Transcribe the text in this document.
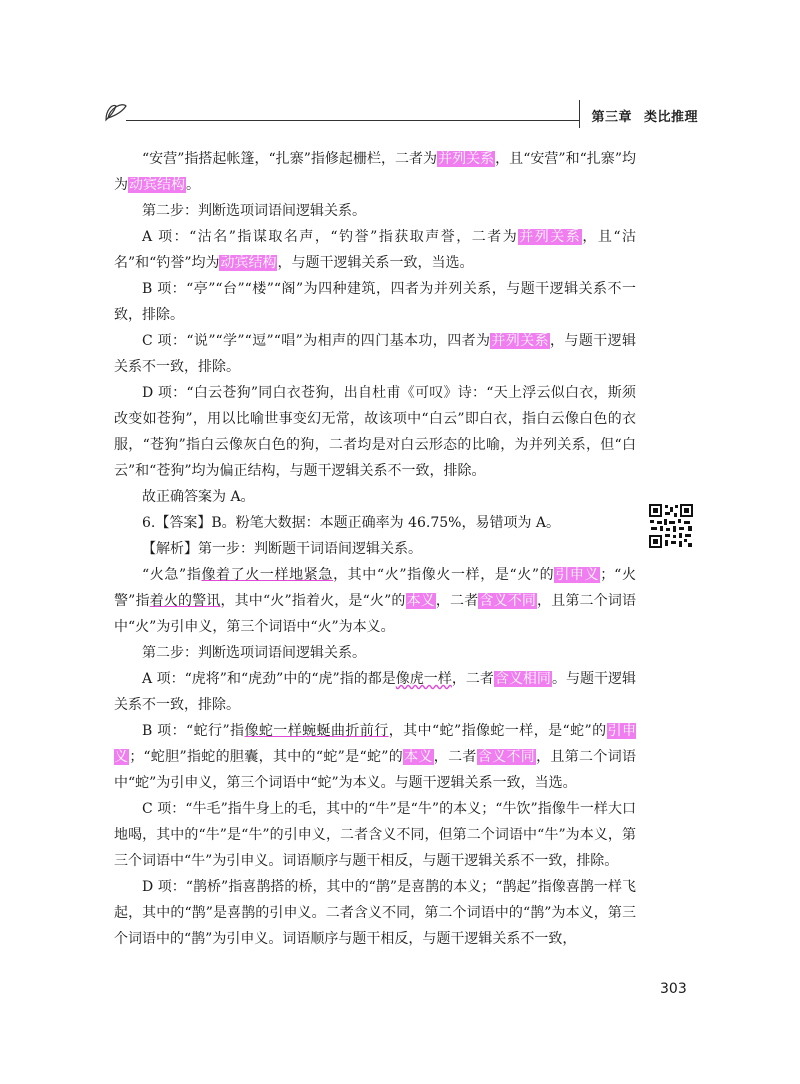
第三章 类比推理

“安营”指搭起帐篷，“扎寨”指修起栅栏，二者为并列关系，且“安营”和“扎寨”均为动宾结构。

第二步：判断选项词语间逻辑关系。

A 项：“沽名”指谋取名声，“钓誉”指获取声誉，二者为并列关系，且“沽名”和“钓誉”均为动宾结构，与题干逻辑关系一致，当选。

B 项：“亭”“台”“楼”“阁”为四种建筑，四者为并列关系，与题干逻辑关系不一致，排除。

C 项：“说”“学”“逗”“唱”为相声的四门基本功，四者为并列关系，与题干逻辑关系不一致，排除。

D 项：“白云苍狗”同白衣苍狗，出自杜甫《可叹》诗：“天上浮云似白衣，斯须改变如苍狗”，用以比喻世事变幻无常，故该项中“白云”即白衣，指白云像白色的衣服，“苍狗”指白云像灰白色的狗，二者均是对白云形态的比喻，为并列关系，但“白云”和“苍狗”均为偏正结构，与题干逻辑关系不一致，排除。

故正确答案为 A。

6.【答案】B。粉笔大数据：本题正确率为 46.75%，易错项为 A。

【解析】第一步：判断题干词语间逻辑关系。

“火急”指像着了火一样地紧急，其中“火”指像火一样，是“火”的引申义；“火警”指着火的警讯，其中“火”指着火，是“火”的本义，二者含义不同，且第二个词语中“火”为引申义，第三个词语中“火”为本义。

第二步：判断选项词语间逻辑关系。

A 项：“虎将”和“虎劲”中的“虎”指的都是像虎一样，二者含义相同。与题干逻辑关系不一致，排除。

B 项：“蛇行”指像蛇一样蜿蜒曲折前行，其中“蛇”指像蛇一样，是“蛇”的引申义；“蛇胆”指蛇的胆囊，其中的“蛇”是“蛇”的本义，二者含义不同，且第二个词语中“蛇”为引申义，第三个词语中“蛇”为本义。与题干逻辑关系一致，当选。

C 项：“牛毛”指牛身上的毛，其中的“牛”是“牛”的本义；“牛饮”指像牛一样大口地喝，其中的“牛”是“牛”的引申义，二者含义不同，但第二个词语中“牛”为本义，第三个词语中“牛”为引申义。词语顺序与题干相反，与题干逻辑关系不一致，排除。

D 项：“鹊桥”指喜鹊搭的桥，其中的“鹊”是喜鹊的本义；“鹊起”指像喜鹊一样飞起，其中的“鹊”是喜鹊的引申义。二者含义不同，第二个词语中的“鹊”为本义，第三个词语中的“鹊”为引申义。词语顺序与题干相反，与题干逻辑关系不一致，

303
